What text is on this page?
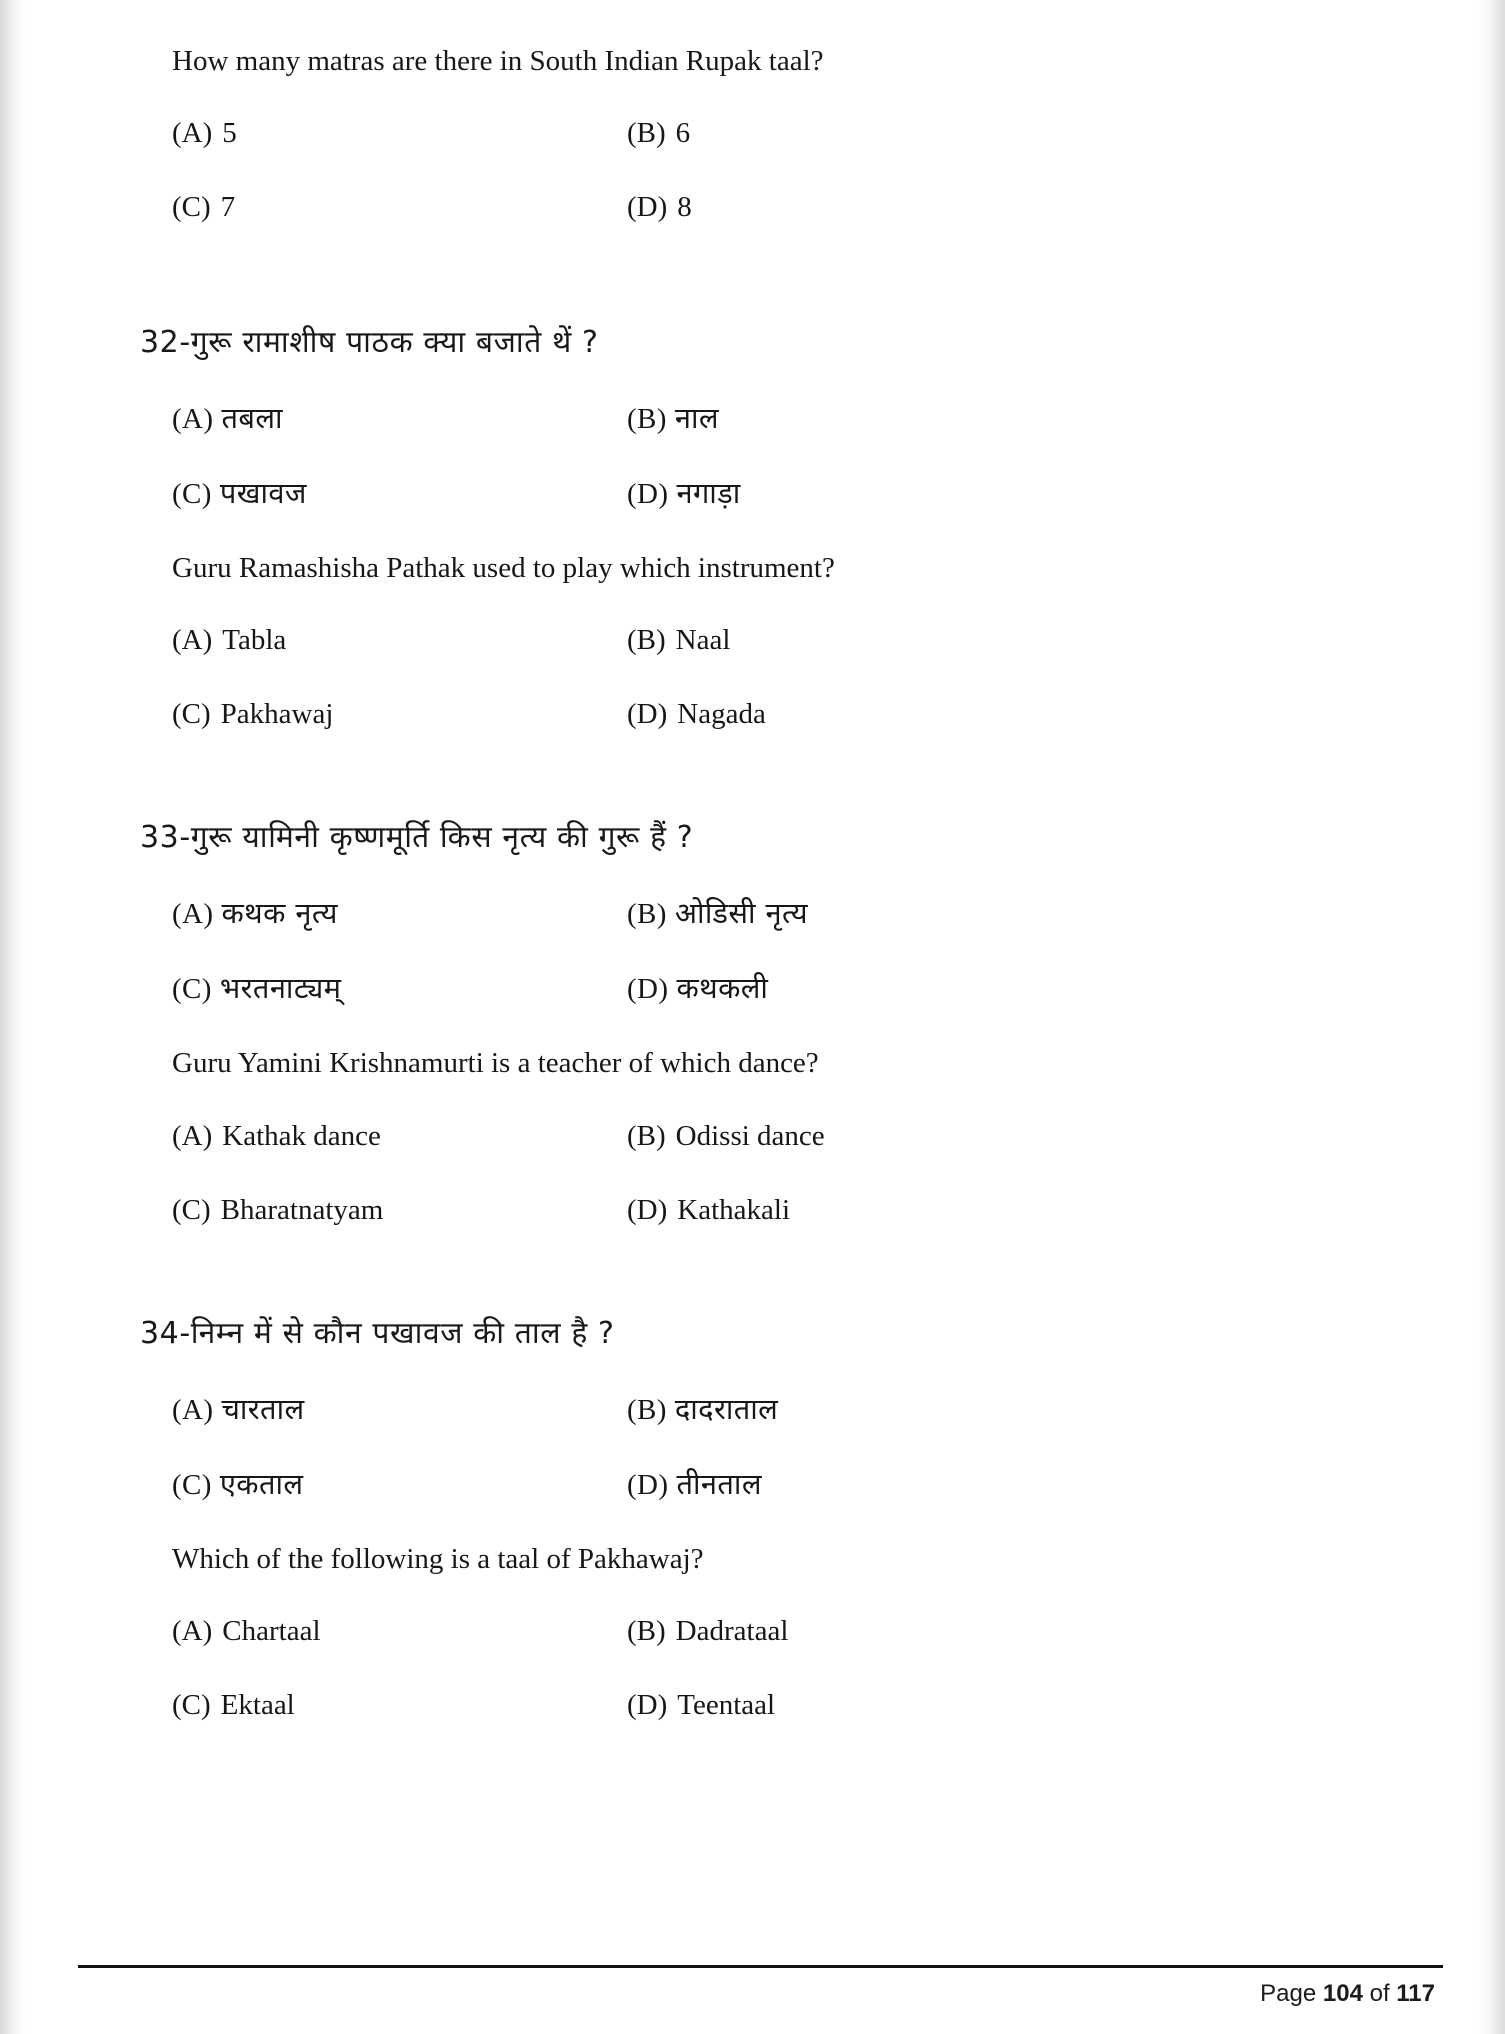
How many matras are there in South Indian Rupak taal?

(A) 5	(B) 6
(C) 7	(D) 8

32-गुरू रामाशीष पाठक क्या बजाते थें ?

(A) तबला	(B) नाल
(C) पखावज	(D) नगाड़ा

Guru Ramashisha Pathak used to play which instrument?

(A) Tabla	(B) Naal
(C) Pakhawaj	(D) Nagada

33-गुरू यामिनी कृष्णमूर्ति किस नृत्य की गुरू हैं ?

(A) कथक नृत्य	(B) ओडिसी नृत्य
(C) भरतनाट्यम्	(D) कथकली

Guru Yamini Krishnamurti is a teacher of which dance?

(A) Kathak dance	(B) Odissi dance
(C) Bharatnatyam	(D) Kathakali

34-निम्न में से कौन पखावज की ताल है ?

(A) चारताल	(B) दादराताल
(C) एकताल	(D) तीनताल

Which of the following is a taal of Pakhawaj?

(A) Chartaal	(B) Dadrataal
(C) Ektaal	(D) Teentaal
Page 104 of 117
